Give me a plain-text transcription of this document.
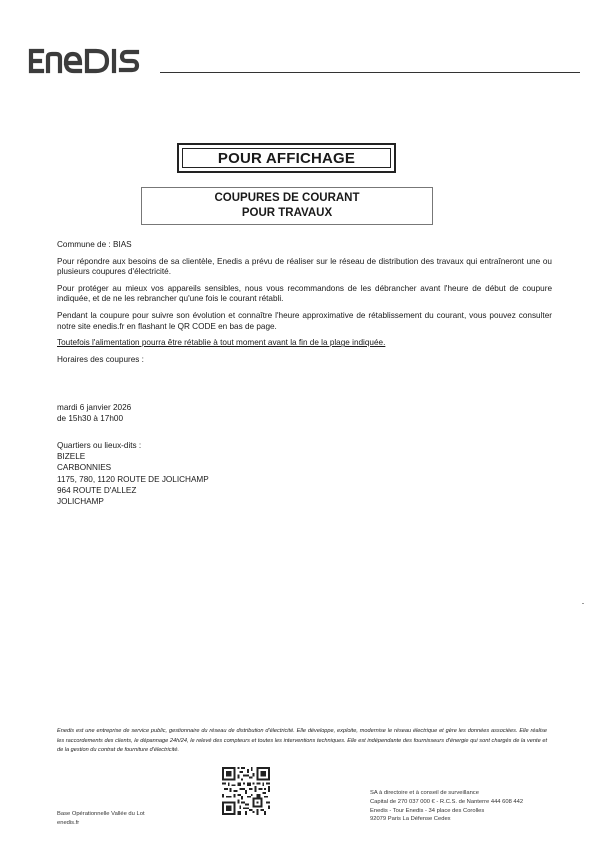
POUR AFFICHAGE
COUPURES DE COURANT
POUR TRAVAUX

Commune de : BIAS

Pour répondre aux besoins de sa clientèle, Enedis a prévu de réaliser sur le réseau de distribution des travaux qui entraîneront une ou plusieurs coupures d'électricité.

Pour protéger au mieux vos appareils sensibles, nous vous recommandons de les débrancher avant l'heure de début de coupure indiquée, et de ne les rebrancher qu'une fois le courant rétabli.

Pendant la coupure pour suivre son évolution et connaître l'heure approximative de rétablissement du courant, vous pouvez consulter notre site enedis.fr en flashant le QR CODE en bas de page.

Toutefois l'alimentation pourra être rétablie à tout moment avant la fin de la plage indiquée.

Horaires des coupures :

mardi 6 janvier 2026
de 15h30 à 17h00
Quartiers ou lieux-dits :
BIZELE
CARBONNIES
1175, 780, 1120 ROUTE DE JOLICHAMP
964 ROUTE D'ALLEZ
JOLICHAMP
Enedis est une entreprise de service public, gestionnaire du réseau de distribution d'électricité. Elle développe, exploite, modernise le réseau électrique et gère les données associées. Elle réalise les raccordements des clients, le dépannage 24h/24, le relevé des compteurs et toutes les interventions techniques. Elle est indépendante des fournisseurs d'énergie qui sont chargés de la vente et de la gestion du contrat de fourniture d'électricité.
Base Opérationnelle Vallée du Lot
enedis.fr
SA à directoire et à conseil de surveillance
Capital de 270 037 000 € - R.C.S. de Nanterre 444 608 442
Enedis - Tour Enedis - 34 place des Corolles
92079 Paris La Défense Cedex
